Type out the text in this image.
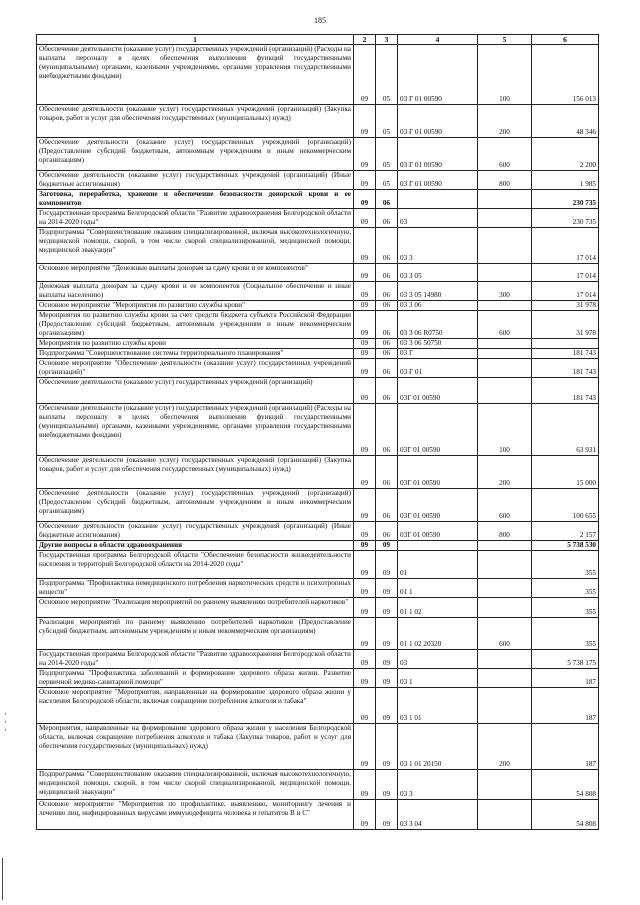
185
1	2	3	4	5	6
Обеспечение деятельности (оказание услуг) государственных учреждений (организаций) (Расходы на выплаты персоналу в целях обеспечения выполнения функций государственными (муниципальными) органами, казенными учреждениями, органами управления государственными внебюджетными фондами)	09	05	03 Г 01 00590	100	156 013
Обеспечение деятельности (оказание услуг) государственных учреждений (организаций) (Закупка товаров, работ и услуг для обеспечения государственных (муниципальных) нужд)	09	05	03 Г 01 00590	200	48 346
Обеспечение деятельности (оказание услуг) государственных учреждений (организаций) (Предоставление субсидий бюджетным, автономным учреждениям и иным некоммерческим организациям)	09	05	03 Г 01 00590	600	2 200
Обеспечение деятельности (оказание услуг) государственных учреждений (организаций) (Иные бюджетные ассигнования)	09	05	03 Г 01 00590	800	1 985
Заготовка, переработка, хранение и обеспечение безопасности донорской крови и ее компонентов	09	06			230 735
Государственная программа Белгородской области "Развитие здравоохранения Белгородской области на 2014-2020 годы"	09	06	03		230 735
Подпрограмма "Совершенствование оказания специализированной, включая высокотехнологичную, медицинской помощи, скорой, в том числе скорой специализированной, медицинской помощи, медицинской эвакуации"	09	06	03 3		17 014
Основное мероприятие "Денежные выплаты донорам за сдачу крови и ее компонентов"	09	06	03 3 05		17 014
Денежная выплата донорам за сдачу крови и ее компонентов (Социальное обеспечение и иные выплаты населению)	09	06	03 3 05 14980	300	17 014
Основное мероприятие "Мероприятия по развитию службы крови"	09	06	03 3 06		31 978
Мероприятия по развитию службы крови за счет средств бюджета субъекта Российской Федерации (Предоставление субсидий бюджетным, автономным учреждениям и иным некоммерческим организациям)	09	06	03 3 06 R0750	600	31 978
Мероприятия по развитию службы крови	09	06	03 3 06 50750		
Подпрограмма "Совершенствование системы территориального планирования"	09	06	03 Г		181 743
Основное мероприятие "Обеспечение деятельности (оказание услуг) государственных учреждений (организаций)"	09	06	03 Г 01		181 743
Обеспечение деятельности (оказание услуг) государственных учреждений (организаций)	09	06	03Г 01 00590		181 743
Обеспечение деятельности (оказание услуг) государственных учреждений (организаций) (Расходы на выплаты персоналу в целях обеспечения выполнения функций государственными (муниципальными) органами, казенными учреждениями, органами управления государственными внебюджетными фондами)	09	06	03Г 01 00590	100	63 931
Обеспечение деятельности (оказание услуг) государственных учреждений (организаций) (Закупка товаров, работ и услуг для обеспечения государственных (муниципальных) нужд)	09	06	03Г 01 00590	200	15 000
Обеспечение деятельности (оказание услуг) государственных учреждений (организаций) (Предоставление субсидий бюджетным, автономным учреждениям и иным некоммерческим организациям)	09	06	03Г 01 00590	600	100 655
Обеспечение деятельности (оказание услуг) государственных учреждений (организаций) (Иные бюджетные ассигнования)	09	06	03Г 01 00590	800	2 157
Другие вопросы в области здравоохранения	09	09			5 738 530
Государственная программа Белгородской области "Обеспечение безопасности жизнедеятельности населения и территорий Белгородской области на 2014-2020 годы"	09	09	01		355
Подпрограмма "Профилактика немедицинского потребления наркотических средств и психотропных веществ"	09	09	01 1		355
Основное мероприятие "Реализация мероприятий по раннему выявлению потребителей наркотиков"	09	09	01 1 02		355
Реализация мероприятий по раннему выявлению потребителей наркотиков (Предоставление субсидий бюджетным, автономным учреждениям и иным некоммерческим организациям)	09	09	01 1 02 20320	600	355
Государственная программа Белгородской области "Развитие здравоохранения Белгородской области на 2014-2020 годы"	09	09	03		5 738 175
Подпрограмма "Профилактика заболеваний и формирование здорового образа жизни. Развитие первичной медико-санитарной помощи"	09	09	03 1		187
Основное мероприятие "Мероприятия, направленные на формирование здорового образа жизни у населения Белгородской области, включая сокращение потребления алкоголя и табака"	09	09	03 1 01		187
Мероприятия, направленные на формирование здорового образа жизни у населения Белгородской области, включая сокращение потребления алкоголя и табака (Закупка товаров, работ и услуг для обеспечения государственных (муниципальных) нужд)	09	09	03 1 01 20150	200	187
Подпрограмма "Совершенствование оказания специализированной, включая высокотехнологичную, медицинской помощи, скорой, в том числе скорой специализированной, медицинской помощи, медицинской эвакуации"	09	09	03 3		54 808
Основное мероприятие "Мероприятия по профилактике, выявлению, мониторингу лечения и лечению лиц, инфицированных вирусами иммунодефицита человека и гепатитов В и С"	09	09	03 3 04		54 808
·
·
·
